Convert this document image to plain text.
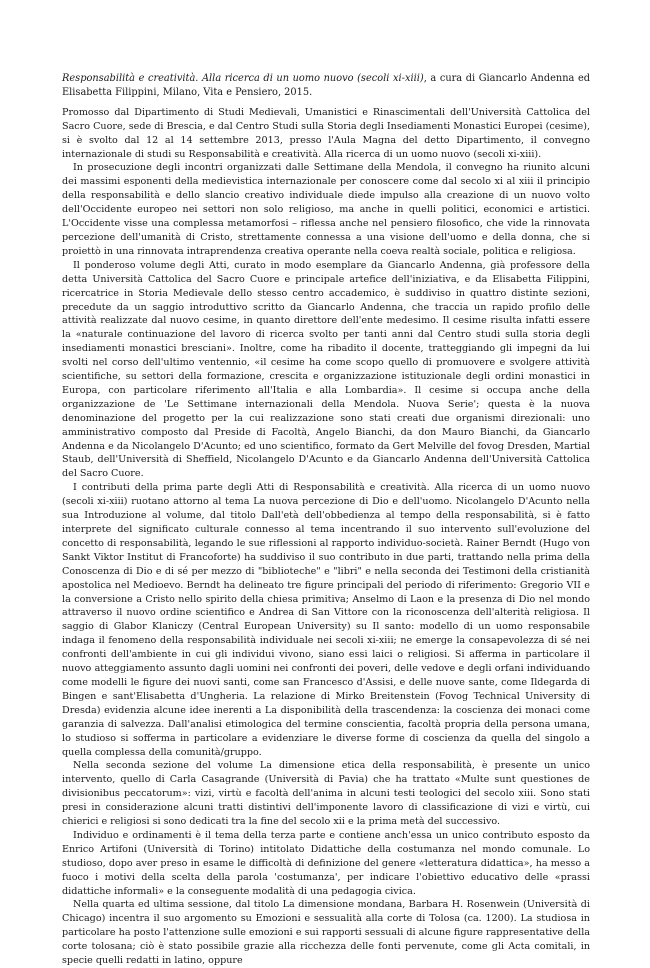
Responsabilità e creatività. Alla ricerca di un uomo nuovo (secoli xi-xiii), a cura di Giancarlo Andenna ed Elisabetta Filippini, Milano, Vita e Pensiero, 2015.

Promosso dal Dipartimento di Studi Medievali, Umanistici e Rinascimentali dell'Università Cattolica del Sacro Cuore, sede di Brescia, e dal Centro Studi sulla Storia degli Insediamenti Monastici Europei (cesime), si è svolto dal 12 al 14 settembre 2013, presso l'Aula Magna del detto Dipartimento, il convegno internazionale di studi su Responsabilità e creatività. Alla ricerca di un uomo nuovo (secoli xi-xiii).

In prosecuzione degli incontri organizzati dalle Settimane della Mendola, il convegno ha riunito alcuni dei massimi esponenti della medievistica internazionale per conoscere come dal secolo xi al xiii il principio della responsabilità e dello slancio creativo individuale diede impulso alla creazione di un nuovo volto dell'Occidente europeo nei settori non solo religioso, ma anche in quelli politici, economici e artistici. L'Occidente visse una complessa metamorfosi – riflessa anche nel pensiero filosofico, che vide la rinnovata percezione dell'umanità di Cristo, strettamente connessa a una visione dell'uomo e della donna, che si proiettò in una rinnovata intraprendenza creativa operante nella coeva realtà sociale, politica e religiosa.

Il ponderoso volume degli Atti, curato in modo esemplare da Giancarlo Andenna, già professore della detta Università Cattolica del Sacro Cuore e principale artefice dell'iniziativa, e da Elisabetta Filippini, ricercatrice in Storia Medievale dello stesso centro accademico, è suddiviso in quattro distinte sezioni, precedute da un saggio introduttivo scritto da Giancarlo Andenna, che traccia un rapido profilo delle attività realizzate dal nuovo cesime, in quanto direttore dell'ente medesimo. Il cesime risulta infatti essere la «naturale continuazione del lavoro di ricerca svolto per tanti anni dal Centro studi sulla storia degli insediamenti monastici bresciani». Inoltre, come ha ribadito il docente, tratteggiando gli impegni da lui svolti nel corso dell'ultimo ventennio, «il cesime ha come scopo quello di promuovere e svolgere attività scientifiche, su settori della formazione, crescita e organizzazione istituzionale degli ordini monastici in Europa, con particolare riferimento all'Italia e alla Lombardia». Il cesime si occupa anche della organizzazione de 'Le Settimane internazionali della Mendola. Nuova Serie'; questa è la nuova denominazione del progetto per la cui realizzazione sono stati creati due organismi direzionali: uno amministrativo composto dal Preside di Facoltà, Angelo Bianchi, da don Mauro Bianchi, da Giancarlo Andenna e da Nicolangelo D'Acunto; ed uno scientifico, formato da Gert Melville del fovog Dresden, Martial Staub, dell'Università di Sheffield, Nicolangelo D'Acunto e da Giancarlo Andenna dell'Università Cattolica del Sacro Cuore.

I contributi della prima parte degli Atti di Responsabilità e creatività. Alla ricerca di un uomo nuovo (secoli xi-xiii) ruotano attorno al tema La nuova percezione di Dio e dell'uomo. Nicolangelo D'Acunto nella sua Introduzione al volume, dal titolo Dall'età dell'obbedienza al tempo della responsabilità, si è fatto interprete del significato culturale connesso al tema incentrando il suo intervento sull'evoluzione del concetto di responsabilità, legando le sue riflessioni al rapporto individuo-società. Rainer Berndt (Hugo von Sankt Viktor Institut di Francoforte) ha suddiviso il suo contributo in due parti, trattando nella prima della Conoscenza di Dio e di sé per mezzo di "biblioteche" e "libri" e nella seconda dei Testimoni della cristianità apostolica nel Medioevo. Berndt ha delineato tre figure principali del periodo di riferimento: Gregorio VII e la conversione a Cristo nello spirito della chiesa primitiva; Anselmo di Laon e la presenza di Dio nel mondo attraverso il nuovo ordine scientifico e Andrea di San Vittore con la riconoscenza dell'alterità religiosa. Il saggio di Glabor Klaniczy (Central European University) su Il santo: modello di un uomo responsabile indaga il fenomeno della responsabilità individuale nei secoli xi-xiii; ne emerge la consapevolezza di sé nei confronti dell'ambiente in cui gli individui vivono, siano essi laici o religiosi. Si afferma in particolare il nuovo atteggiamento assunto dagli uomini nei confronti dei poveri, delle vedove e degli orfani individuando come modelli le figure dei nuovi santi, come san Francesco d'Assisi, e delle nuove sante, come Ildegarda di Bingen e sant'Elisabetta d'Ungheria. La relazione di Mirko Breitenstein (Fovog Technical University di Dresda) evidenzia alcune idee inerenti a La disponibilità della trascendenza: la coscienza dei monaci come garanzia di salvezza. Dall'analisi etimologica del termine conscientia, facoltà propria della persona umana, lo studioso si sofferma in particolare a evidenziare le diverse forme di coscienza da quella del singolo a quella complessa della comunità/gruppo.

Nella seconda sezione del volume La dimensione etica della responsabilità, è presente un unico intervento, quello di Carla Casagrande (Università di Pavia) che ha trattato «Multe sunt questiones de divisionibus peccatorum»: vizi, virtù e facoltà dell'anima in alcuni testi teologici del secolo xiii. Sono stati presi in considerazione alcuni tratti distintivi dell'imponente lavoro di classificazione di vizi e virtù, cui chierici e religiosi si sono dedicati tra la fine del secolo xii e la prima metà del successivo.

Individuo e ordinamenti è il tema della terza parte e contiene anch'essa un unico contributo esposto da Enrico Artifoni (Università di Torino) intitolato Didattiche della costumanza nel mondo comunale. Lo studioso, dopo aver preso in esame le difficoltà di definizione del genere «letteratura didattica», ha messo a fuoco i motivi della scelta della parola 'costumanza', per indicare l'obiettivo educativo delle «prassi didattiche informali» e la conseguente modalità di una pedagogia civica.

Nella quarta ed ultima sessione, dal titolo La dimensione mondana, Barbara H. Rosenwein (Università di Chicago) incentra il suo argomento su Emozioni e sessualità alla corte di Tolosa (ca. 1200). La studiosa in particolare ha posto l'attenzione sulle emozioni e sui rapporti sessuali di alcune figure rappresentative della corte tolosana; ciò è stato possibile grazie alla ricchezza delle fonti pervenute, come gli Acta comitali, in specie quelli redatti in latino, oppure
